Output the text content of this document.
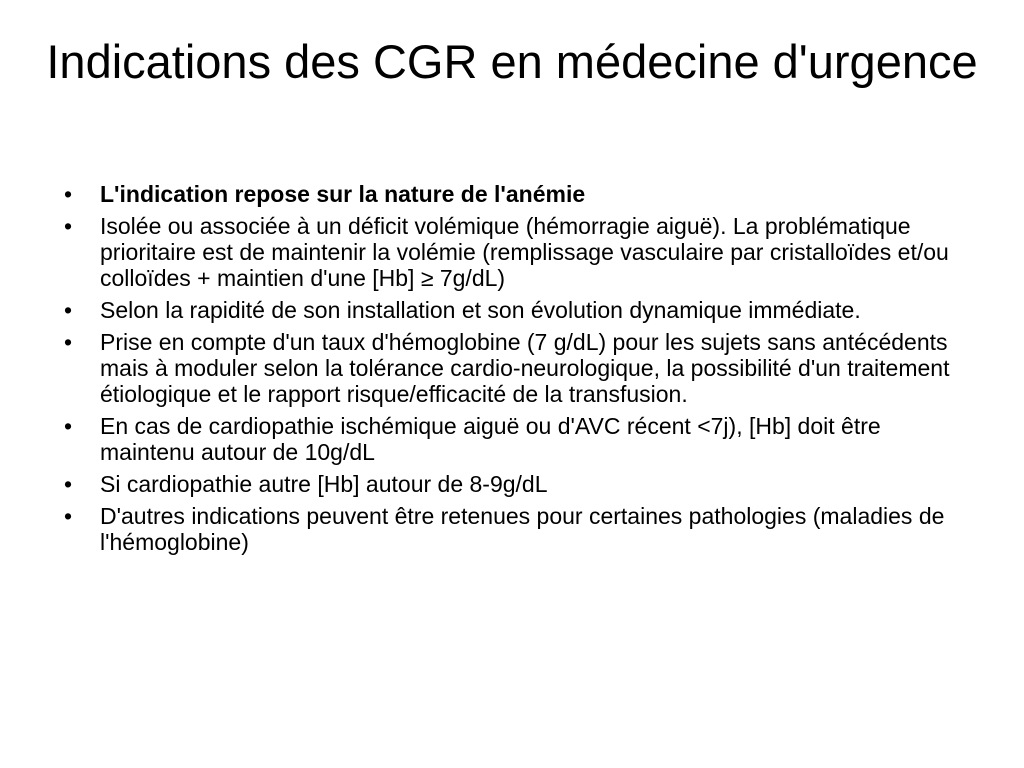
Indications des CGR en médecine d'urgence
• L'indication repose sur la nature de l'anémie
• Isolée ou associée à un déficit volémique (hémorragie aiguë). La problématique prioritaire est de maintenir la volémie (remplissage vasculaire par cristalloïdes et/ou colloïdes + maintien d'une [Hb] ≥ 7g/dL)
• Selon la rapidité de son installation et son évolution dynamique immédiate.
• Prise en compte d'un taux d'hémoglobine (7 g/dL) pour les sujets sans antécédents mais à moduler selon la tolérance cardio-neurologique, la possibilité d'un traitement étiologique et le rapport risque/efficacité de la transfusion.
• En cas de cardiopathie ischémique aiguë ou d'AVC récent <7j), [Hb] doit être maintenu autour de 10g/dL
• Si cardiopathie autre [Hb] autour de 8-9g/dL
• D'autres indications peuvent être retenues pour certaines pathologies (maladies de l'hémoglobine)
